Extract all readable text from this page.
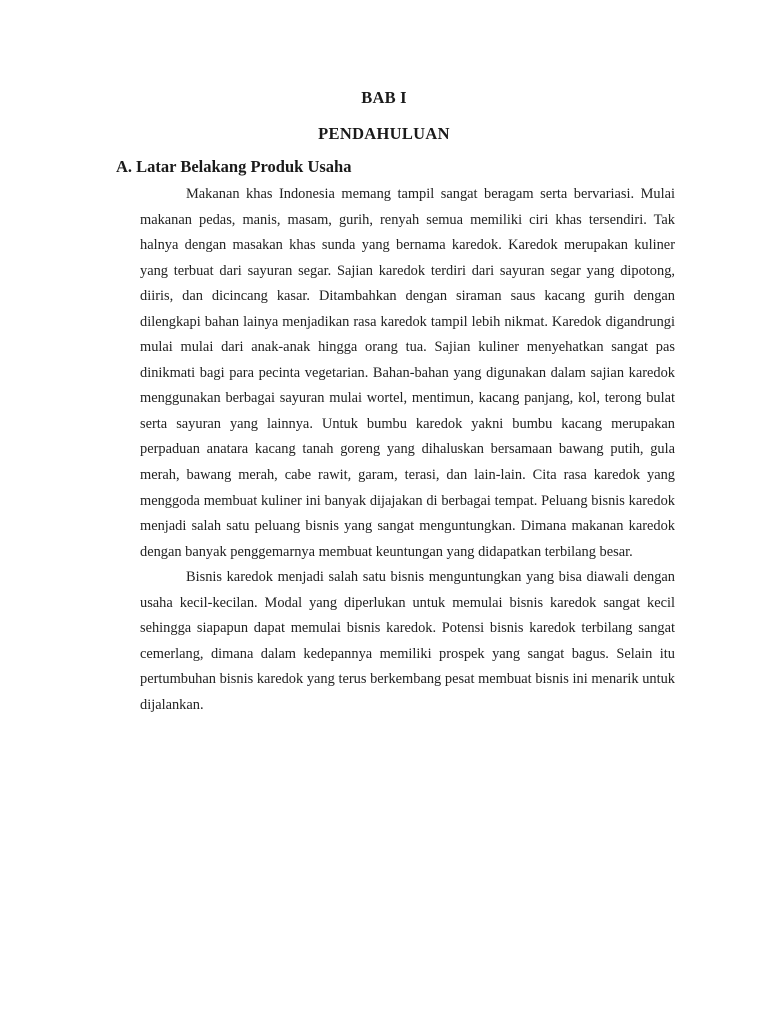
BAB I
PENDAHULUAN
A. Latar Belakang Produk Usaha

Makanan khas Indonesia memang tampil sangat beragam serta bervariasi. Mulai makanan pedas, manis, masam, gurih, renyah semua memiliki ciri khas tersendiri. Tak halnya dengan masakan khas sunda yang bernama karedok. Karedok merupakan kuliner yang terbuat dari sayuran segar. Sajian karedok terdiri dari sayuran segar yang dipotong, diiris, dan dicincang kasar. Ditambahkan dengan siraman saus kacang gurih dengan dilengkapi bahan lainya menjadikan rasa karedok tampil lebih nikmat. Karedok digandrungi mulai mulai dari anak-anak hingga orang tua. Sajian kuliner menyehatkan sangat pas dinikmati bagi para pecinta vegetarian. Bahan-bahan yang digunakan dalam sajian karedok menggunakan berbagai sayuran mulai wortel, mentimun, kacang panjang, kol, terong bulat serta sayuran yang lainnya. Untuk bumbu karedok yakni bumbu kacang merupakan perpaduan anatara kacang tanah goreng yang dihaluskan bersamaan bawang putih, gula merah, bawang merah, cabe rawit, garam, terasi, dan lain-lain. Cita rasa karedok yang menggoda membuat kuliner ini banyak dijajakan di berbagai tempat. Peluang bisnis karedok menjadi salah satu peluang bisnis yang sangat menguntungkan. Dimana makanan karedok dengan banyak penggemarnya membuat keuntungan yang didapatkan terbilang besar.

Bisnis karedok menjadi salah satu bisnis menguntungkan yang bisa diawali dengan usaha kecil-kecilan. Modal yang diperlukan untuk memulai bisnis karedok sangat kecil sehingga siapapun dapat memulai bisnis karedok. Potensi bisnis karedok terbilang sangat cemerlang, dimana dalam kedepannya memiliki prospek yang sangat bagus. Selain itu pertumbuhan bisnis karedok yang terus berkembang pesat membuat bisnis ini menarik untuk dijalankan.
